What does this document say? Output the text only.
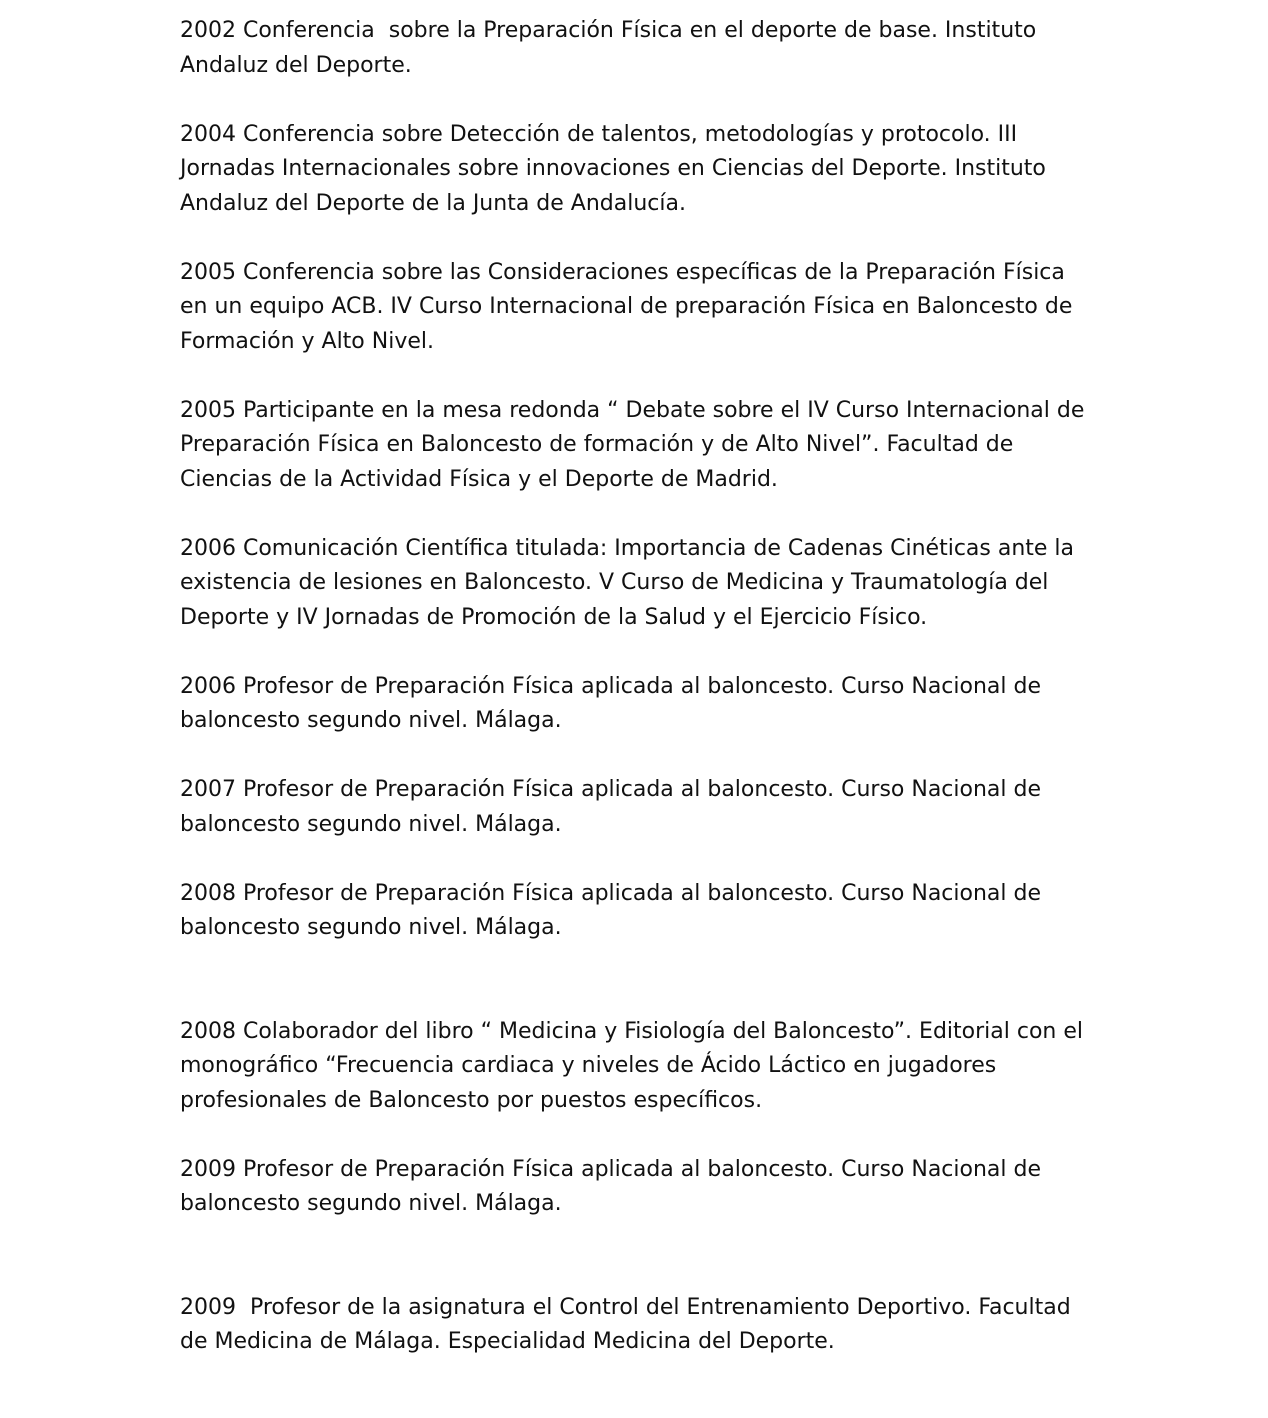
2002 Conferencia  sobre la Preparación Física en el deporte de base. Instituto Andaluz del Deporte.

2004 Conferencia sobre Detección de talentos, metodologías y protocolo. III Jornadas Internacionales sobre innovaciones en Ciencias del Deporte. Instituto Andaluz del Deporte de la Junta de Andalucía.

2005 Conferencia sobre las Consideraciones específicas de la Preparación Física en un equipo ACB. IV Curso Internacional de preparación Física en Baloncesto de Formación y Alto Nivel.

2005 Participante en la mesa redonda “ Debate sobre el IV Curso Internacional de Preparación Física en Baloncesto de formación y de Alto Nivel”. Facultad de Ciencias de la Actividad Física y el Deporte de Madrid.

2006 Comunicación Científica titulada: Importancia de Cadenas Cinéticas ante la existencia de lesiones en Baloncesto. V Curso de Medicina y Traumatología del Deporte y IV Jornadas de Promoción de la Salud y el Ejercicio Físico.

2006 Profesor de Preparación Física aplicada al baloncesto. Curso Nacional de baloncesto segundo nivel. Málaga.

2007 Profesor de Preparación Física aplicada al baloncesto. Curso Nacional de baloncesto segundo nivel. Málaga.

2008 Profesor de Preparación Física aplicada al baloncesto. Curso Nacional de baloncesto segundo nivel. Málaga.

2008 Colaborador del libro “ Medicina y Fisiología del Baloncesto”. Editorial con el monográfico “Frecuencia cardiaca y niveles de Ácido Láctico en jugadores profesionales de Baloncesto por puestos específicos.

2009 Profesor de Preparación Física aplicada al baloncesto. Curso Nacional de baloncesto segundo nivel. Málaga.

2009  Profesor de la asignatura el Control del Entrenamiento Deportivo. Facultad de Medicina de Málaga. Especialidad Medicina del Deporte.
